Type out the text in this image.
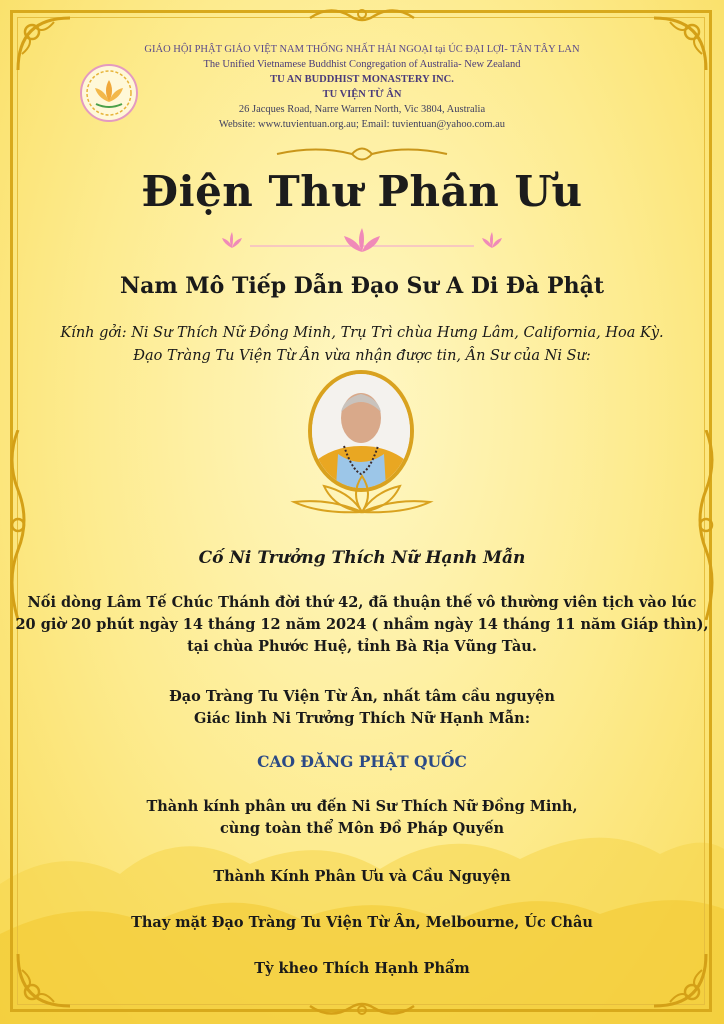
GIÁO HỘI PHẬT GIÁO VIỆT NAM THỐNG NHẤT HẢI NGOẠI tại ÚC ĐẠI LỢI- TÂN TÂY LAN
The Unified Vietnamese Buddhist Congregation of Australia- New Zealand
TU AN BUDDHIST MONASTERY INC.
TU VIỆN TỪ ÂN
26 Jacques Road, Narre Warren North, Vic 3804, Australia
Website: www.tuvientuan.org.au; Email: tuvientuan@yahoo.com.au
Điện Thư Phân Ưu
Nam Mô Tiếp Dẫn Đạo Sư A Di Đà Phật
Kính gởi: Ni Sư Thích Nữ Đồng Minh, Trụ Trì chùa Hưng Lâm, California, Hoa Kỳ.
Đạo Tràng Tu Viện Từ Ân vừa nhận được tin, Ân Sư của Ni Sư:
Cố Ni Trưởng Thích Nữ Hạnh Mẫn
Nối dòng Lâm Tế Chúc Thánh đời thứ 42, đã thuận thế vô thường viên tịch vào lúc
20 giờ 20 phút ngày 14 tháng 12 năm 2024 ( nhầm ngày 14 tháng 11 năm Giáp thìn),
tại chùa Phước Huệ, tỉnh Bà Rịa Vũng Tàu.
Đạo Tràng Tu Viện Từ Ân, nhất tâm cầu nguyện
Giác linh Ni Trưởng Thích Nữ Hạnh Mẫn:
CAO ĐĂNG PHẬT QUỐC
Thành kính phân ưu đến Ni Sư Thích Nữ Đồng Minh,
cùng toàn thể Môn Đồ Pháp Quyến
Thành Kính Phân Ưu và Cầu Nguyện
Thay mặt Đạo Tràng Tu Viện Từ Ân, Melbourne, Úc Châu
Tỳ kheo Thích Hạnh Phẩm
